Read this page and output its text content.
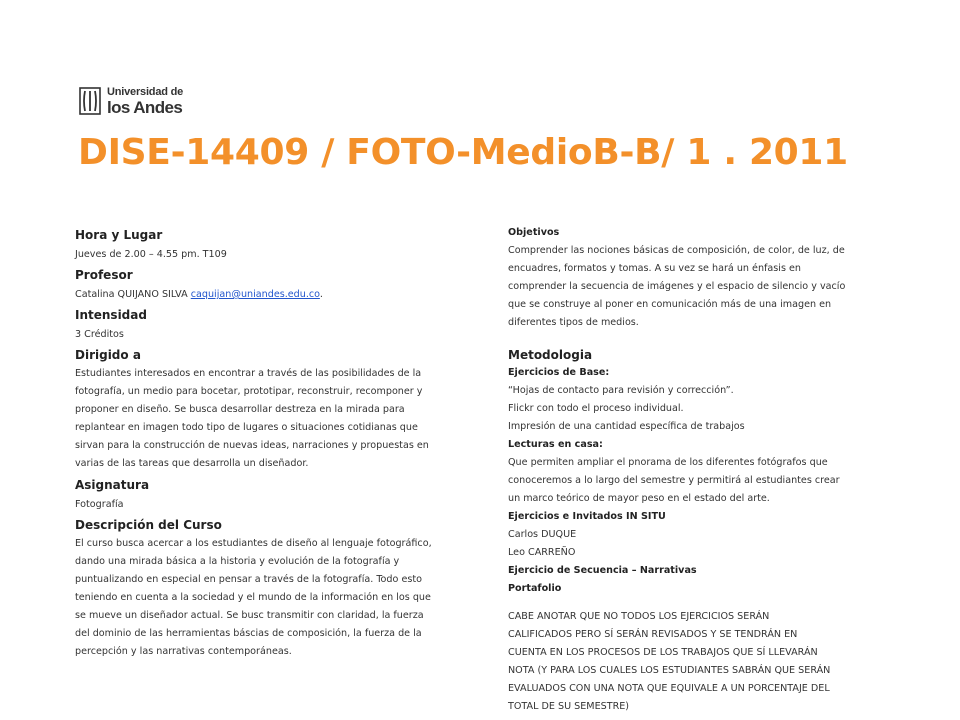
Universidad de
los Andes
DISE-14409 / FOTO-MedioB-B/ 1 . 2011
Hora y Lugar
Jueves de 2.00 – 4.55 pm. T109
Profesor
Catalina QUIJANO SILVA caquijan@uniandes.edu.co.
Intensidad
3 Créditos
Dirigido a
Estudiantes interesados en encontrar a través de las posibilidades de la
fotografía, un medio para bocetar, prototipar, reconstruir, recomponer y
proponer en diseño. Se busca desarrollar destreza en la mirada para
replantear en imagen todo tipo de lugares o situaciones cotidianas que
sirvan para la construcción de nuevas ideas, narraciones y propuestas en
varias de las tareas que desarrolla un diseñador.
Asignatura
Fotografía
Descripción del Curso
El curso busca acercar a los estudiantes de diseño al lenguaje fotográfico,
dando una mirada básica a la historia y evolución de la fotografía y
puntualizando en especial en pensar a través de la fotografía. Todo esto
teniendo en cuenta a la sociedad y el mundo de la información en los que
se mueve un diseñador actual. Se busc transmitir con claridad, la fuerza
del dominio de las herramientas báscias de composición, la fuerza de la
percepción y las narrativas contemporáneas.
Objetivos
Comprender las nociones básicas de composición, de color, de luz, de
encuadres, formatos y tomas. A su vez se hará un énfasis en
comprender la secuencia de imágenes y el espacio de silencio y vacío
que se construye al poner en comunicación más de una imagen en
diferentes tipos de medios.
Metodologia
Ejercicios de Base:
“Hojas de contacto para revisión y corrección”.
Flickr con todo el proceso individual.
Impresión de una cantidad específica de trabajos
Lecturas en casa:
Que permiten ampliar el pnorama de los diferentes fotógrafos que
conoceremos a lo largo del semestre y permitirá al estudiantes crear
un marco teórico de mayor peso en el estado del arte.
Ejercicios e Invitados IN SITU
Carlos DUQUE
Leo CARREÑO
Ejercicio de Secuencia – Narrativas
Portafolio
CABE ANOTAR QUE NO TODOS LOS EJERCICIOS SERÁN
CALIFICADOS PERO SÍ SERÁN REVISADOS Y SE TENDRÁN EN
CUENTA EN LOS PROCESOS DE LOS TRABAJOS QUE SÍ LLEVARÁN
NOTA (Y PARA LOS CUALES LOS ESTUDIANTES SABRÁN QUE SERÁN
EVALUADOS CON UNA NOTA QUE EQUIVALE A UN PORCENTAJE DEL
TOTAL DE SU SEMESTRE)
